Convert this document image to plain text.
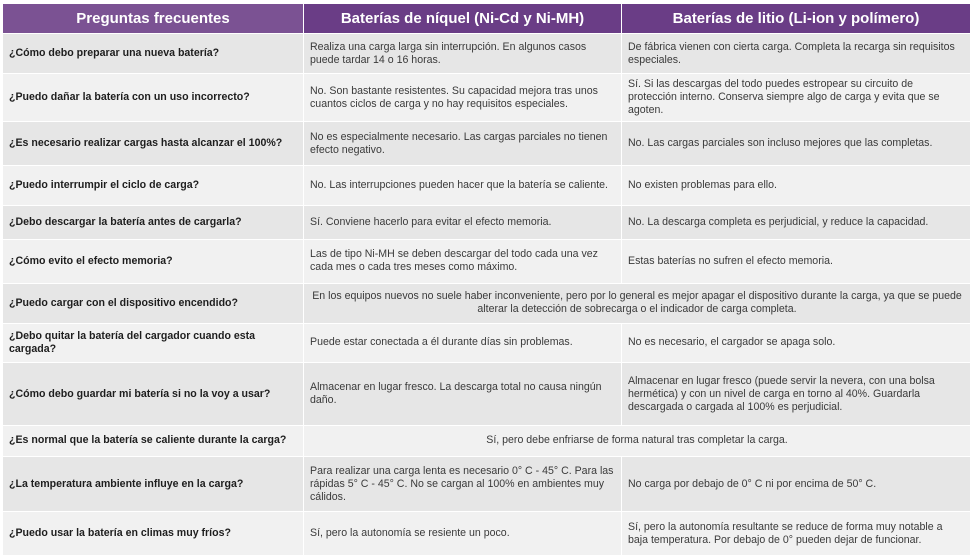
Preguntas frecuentes	Baterías de níquel (Ni-Cd y Ni-MH)	Baterías de litio (Li-ion y polímero)
¿Cómo debo preparar una nueva batería?	Realiza una carga larga sin interrupción. En algunos casos puede tardar 14 o 16 horas.	De fábrica vienen con cierta carga. Completa la recarga sin requisitos especiales.
¿Puedo dañar la batería con un uso incorrecto?	No. Son bastante resistentes. Su capacidad mejora tras unos cuantos ciclos de carga y no hay requisitos especiales.	Sí. Si las descargas del todo puedes estropear su circuito de protección interno. Conserva siempre algo de carga y evita que se agoten.
¿Es necesario realizar cargas hasta alcanzar el 100%?	No es especialmente necesario. Las cargas parciales no tienen efecto negativo.	No. Las cargas parciales son incluso mejores que las completas.
¿Puedo interrumpir el ciclo de carga?	No. Las interrupciones pueden hacer que la batería se caliente.	No existen problemas para ello.
¿Debo descargar la batería antes de cargarla?	Sí. Conviene hacerlo para evitar el efecto memoria.	No. La descarga completa es perjudicial, y reduce la capacidad.
¿Cómo evito el efecto memoria?	Las de tipo Ni-MH se deben descargar del todo cada una vez cada mes o cada tres meses como máximo.	Estas baterías no sufren el efecto memoria.
¿Puedo cargar con el dispositivo encendido?	En los equipos nuevos no suele haber inconveniente, pero por lo general es mejor apagar el dispositivo durante la carga, ya que se puede alterar la detección de sobrecarga o el indicador de carga completa.	
¿Debo quitar la batería del cargador cuando esta cargada?	Puede estar conectada a él durante días sin problemas.	No es necesario, el cargador se apaga solo.
¿Cómo debo guardar mi batería si no la voy a usar?	Almacenar en lugar fresco. La descarga total no causa ningún daño.	Almacenar en lugar fresco (puede servir la nevera, con una bolsa hermética) y con un nivel de carga en torno al 40%. Guardarla descargada o cargada al 100% es perjudicial.
¿Es normal que la batería se caliente durante la carga?	Sí, pero debe enfriarse de forma natural tras completar la carga.	
¿La temperatura ambiente influye en la carga?	Para realizar una carga lenta es necesario 0° C - 45° C. Para las rápidas 5° C - 45° C. No se cargan al 100% en ambientes muy cálidos.	No carga por debajo de 0° C ni por encima de 50° C.
¿Puedo usar la batería en climas muy fríos?	Sí, pero la autonomía se resiente un poco.	Sí, pero la autonomía resultante se reduce de forma muy notable a baja temperatura. Por debajo de 0° pueden dejar de funcionar.
